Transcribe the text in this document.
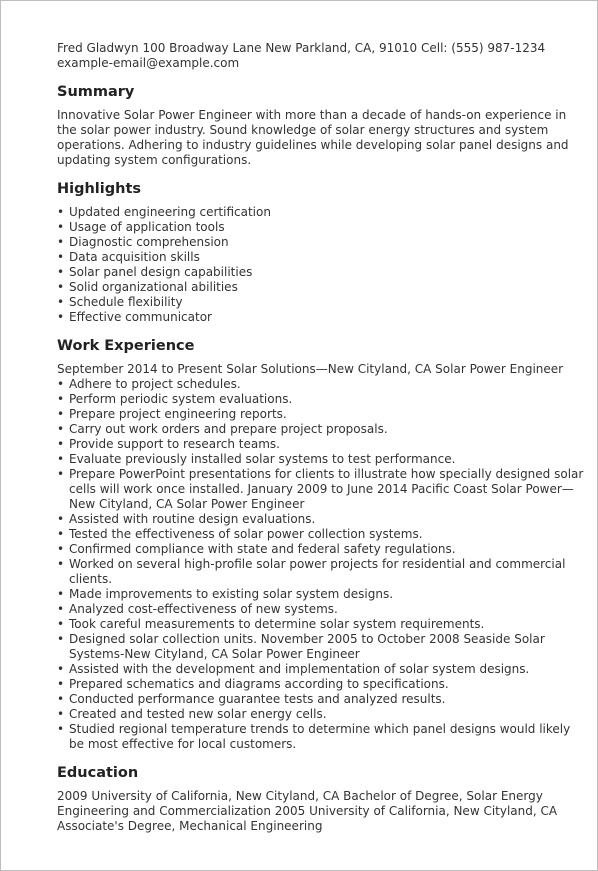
Fred Gladwyn 100 Broadway Lane New Parkland, CA, 91010 Cell: (555) 987-1234 example-email@example.com

Summary

Innovative Solar Power Engineer with more than a decade of hands-on experience in the solar power industry. Sound knowledge of solar energy structures and system operations. Adhering to industry guidelines while developing solar panel designs and updating system configurations.

Highlights
• Updated engineering certification
• Usage of application tools
• Diagnostic comprehension
• Data acquisition skills
• Solar panel design capabilities
• Solid organizational abilities
• Schedule flexibility
• Effective communicator
Work Experience

September 2014 to Present Solar Solutions—New Cityland, CA Solar Power Engineer

• Adhere to project schedules.
• Perform periodic system evaluations.
• Prepare project engineering reports.
• Carry out work orders and prepare project proposals.
• Provide support to research teams.
• Evaluate previously installed solar systems to test performance.

• Prepare PowerPoint presentations for clients to illustrate how specially designed solar cells will work once installed. January 2009 to June 2014 Pacific Coast Solar Power—New Cityland, CA Solar Power Engineer

• Assisted with routine design evaluations.
• Tested the effectiveness of solar power collection systems.
• Confirmed compliance with state and federal safety regulations.
• Worked on several high-profile solar power projects for residential and commercial clients.
• Made improvements to existing solar system designs.
• Analyzed cost-effectiveness of new systems.
• Took careful measurements to determine solar system requirements.

• Designed solar collection units. November 2005 to October 2008 Seaside Solar Systems-New Cityland, CA Solar Power Engineer

• Assisted with the development and implementation of solar system designs.
• Prepared schematics and diagrams according to specifications.
• Conducted performance guarantee tests and analyzed results.
• Created and tested new solar energy cells.

• Studied regional temperature trends to determine which panel designs would likely be most effective for local customers.

Education

2009 University of California, New Cityland, CA Bachelor of Degree, Solar Energy Engineering and Commercialization 2005 University of California, New Cityland, CA Associate's Degree, Mechanical Engineering
